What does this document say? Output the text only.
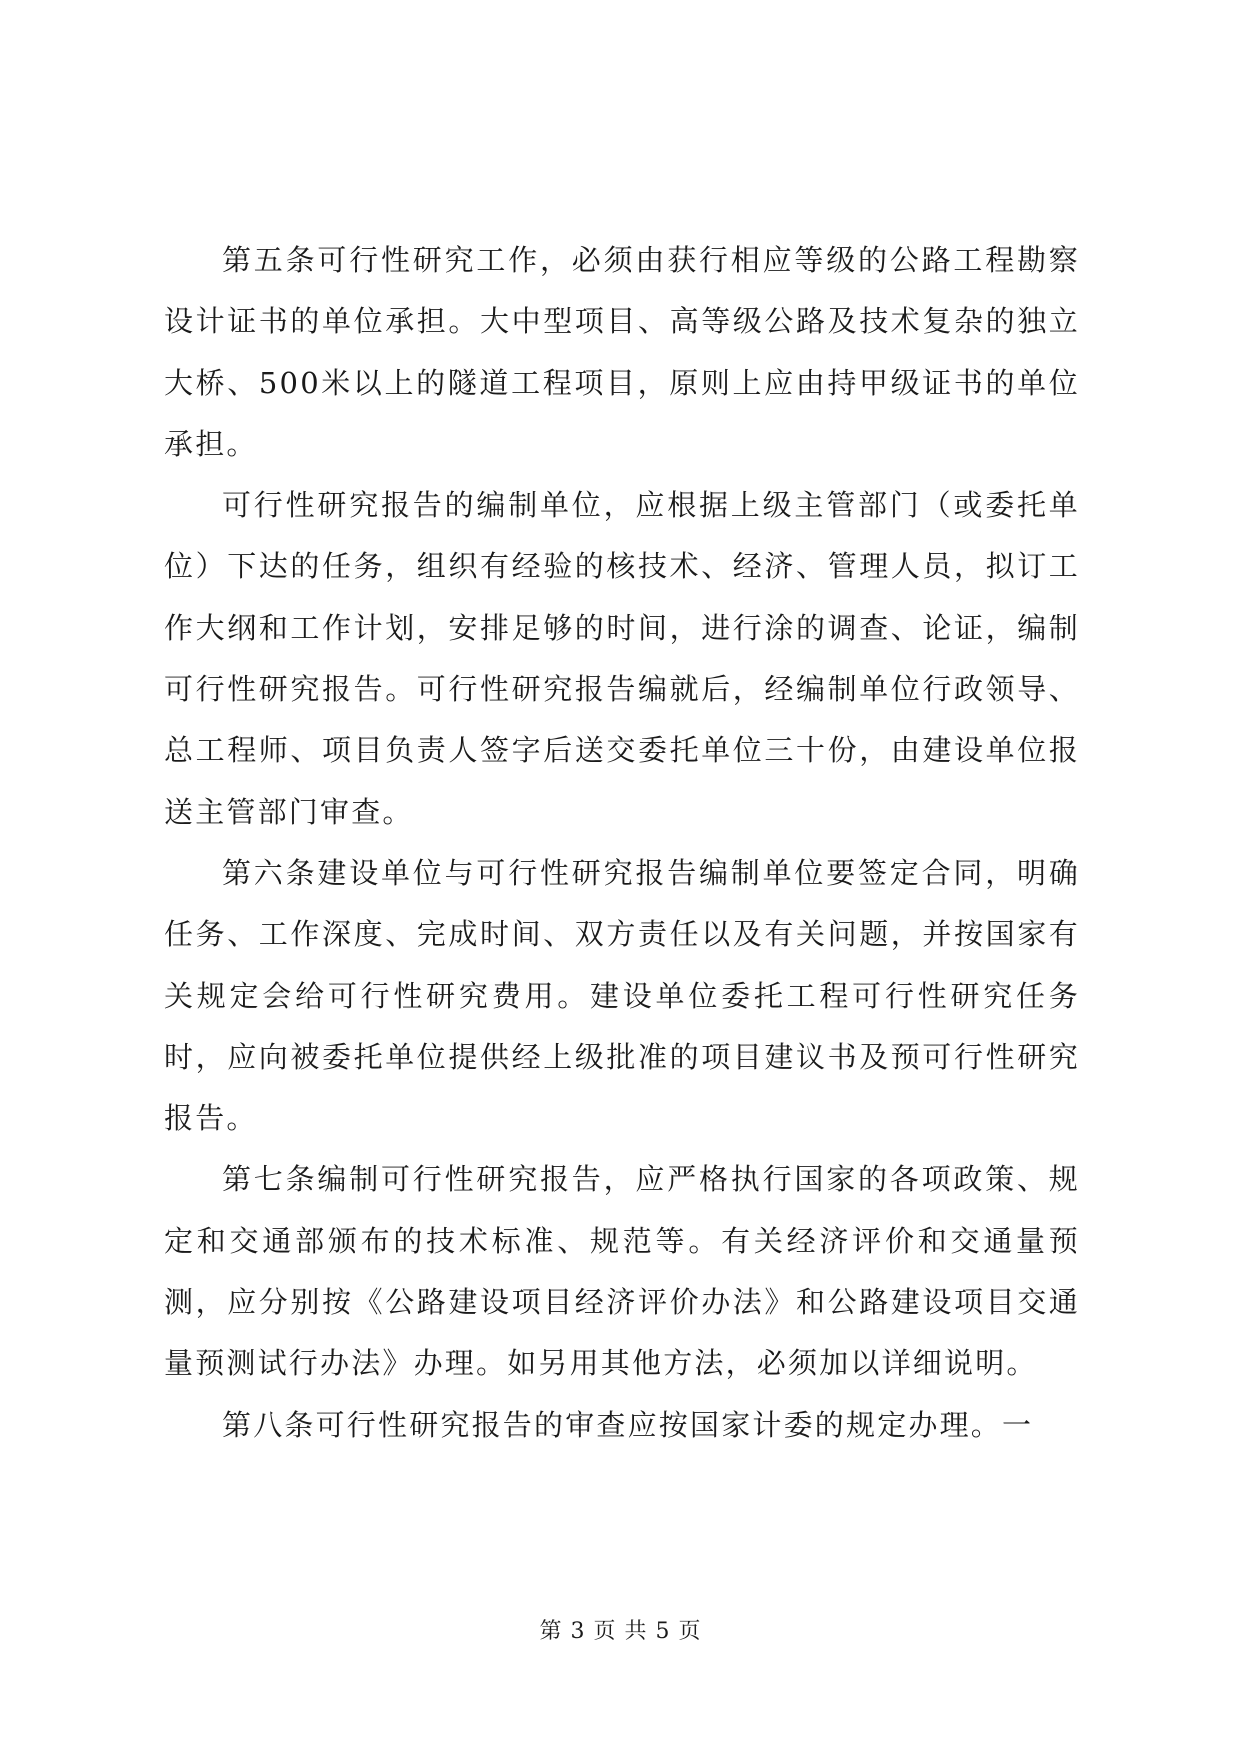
第五条可行性研究工作，必须由获行相应等级的公路工程勘察设计证书的单位承担。大中型项目、高等级公路及技术复杂的独立大桥、500米以上的隧道工程项目，原则上应由持甲级证书的单位承担。

可行性研究报告的编制单位，应根据上级主管部门（或委托单位）下达的任务，组织有经验的核技术、经济、管理人员，拟订工作大纲和工作计划，安排足够的时间，进行涂的调查、论证，编制可行性研究报告。可行性研究报告编就后，经编制单位行政领导、总工程师、项目负责人签字后送交委托单位三十份，由建设单位报送主管部门审查。

第六条建设单位与可行性研究报告编制单位要签定合同，明确任务、工作深度、完成时间、双方责任以及有关问题，并按国家有关规定会给可行性研究费用。建设单位委托工程可行性研究任务时，应向被委托单位提供经上级批准的项目建议书及预可行性研究报告。

第七条编制可行性研究报告，应严格执行国家的各项政策、规定和交通部颁布的技术标准、规范等。有关经济评价和交通量预测，应分别按《公路建设项目经济评价办法》和公路建设项目交通量预测试行办法》办理。如另用其他方法，必须加以详细说明。

第八条可行性研究报告的审查应按国家计委的规定办理。一

第 3 页 共 5 页
